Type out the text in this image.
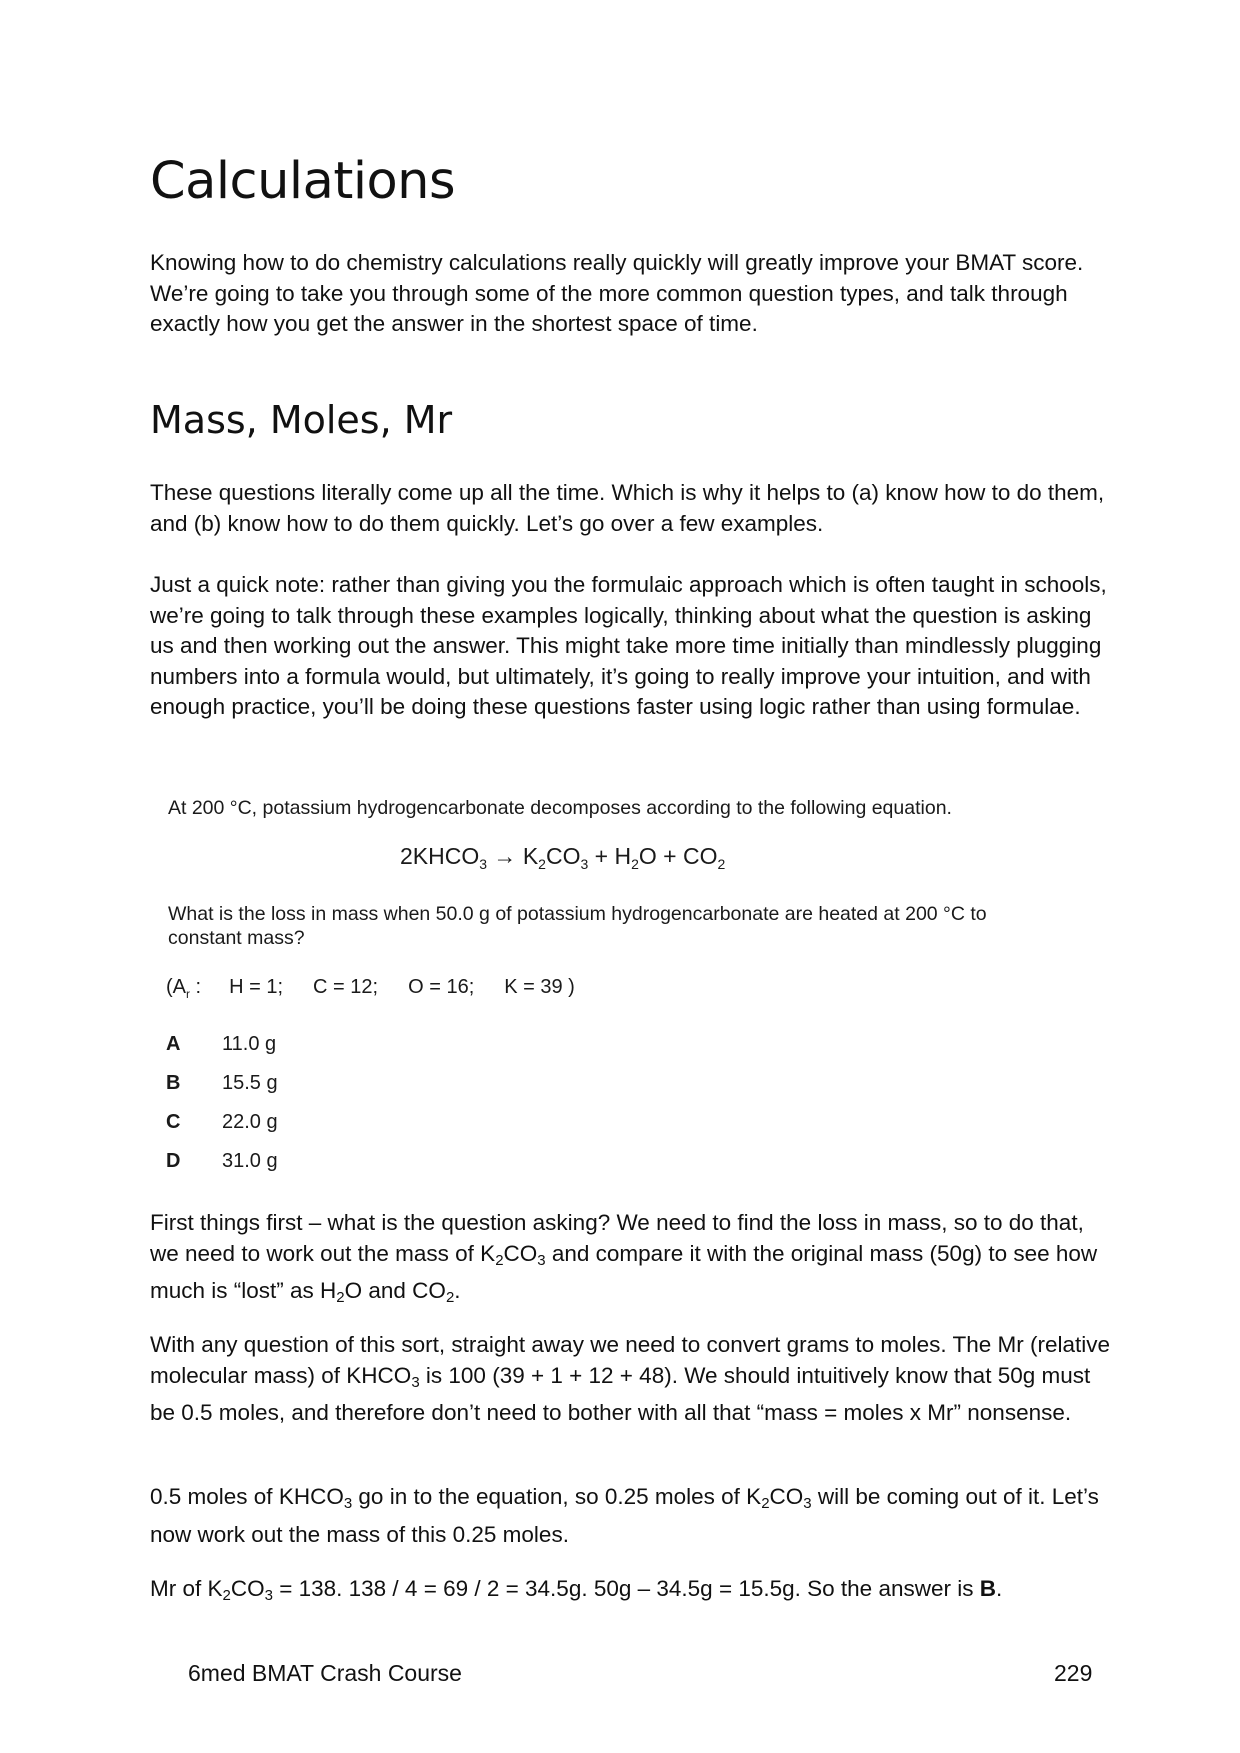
Calculations

Knowing how to do chemistry calculations really quickly will greatly improve your BMAT score. We’re going to take you through some of the more common question types, and talk through exactly how you get the answer in the shortest space of time.

Mass, Moles, Mr

These questions literally come up all the time. Which is why it helps to (a) know how to do them, and (b) know how to do them quickly. Let’s go over a few examples.

Just a quick note: rather than giving you the formulaic approach which is often taught in schools, we’re going to talk through these examples logically, thinking about what the question is asking us and then working out the answer. This might take more time initially than mindlessly plugging numbers into a formula would, but ultimately, it’s going to really improve your intuition, and with enough practice, you’ll be doing these questions faster using logic rather than using formulae.

At 200 °C, potassium hydrogencarbonate decomposes according to the following equation.
$2KHCO_3 \to K_2CO_3 + H_2O + CO_2$
What is the loss in mass when 50.0 g of potassium hydrogencarbonate are heated at 200 °C to constant mass?
($A_r$ : H = 1; C = 12; O = 16; K = 39 )
A 11.0 g
B 15.5 g
C 22.0 g
D 31.0 g

First things first – what is the question asking? We need to find the loss in mass, so to do that, we need to work out the mass of $K_2CO_3$ and compare it with the original mass (50g) to see how much is “lost” as $H_2O$ and $CO_2$.

With any question of this sort, straight away we need to convert grams to moles. The Mr (relative molecular mass) of $KHCO_3$ is 100 (39 + 1 + 12 + 48). We should intuitively know that 50g must be 0.5 moles, and therefore don’t need to bother with all that “mass = moles x Mr” nonsense.

0.5 moles of $KHCO_3$ go in to the equation, so 0.25 moles of $K_2CO_3$ will be coming out of it. Let’s now work out the mass of this 0.25 moles.

Mr of $K_2CO_3 = 138$. 138 / 4 = 69 / 2 = 34.5g. 50g – 34.5g = 15.5g. So the answer is B.

6med BMAT Crash Course	229
